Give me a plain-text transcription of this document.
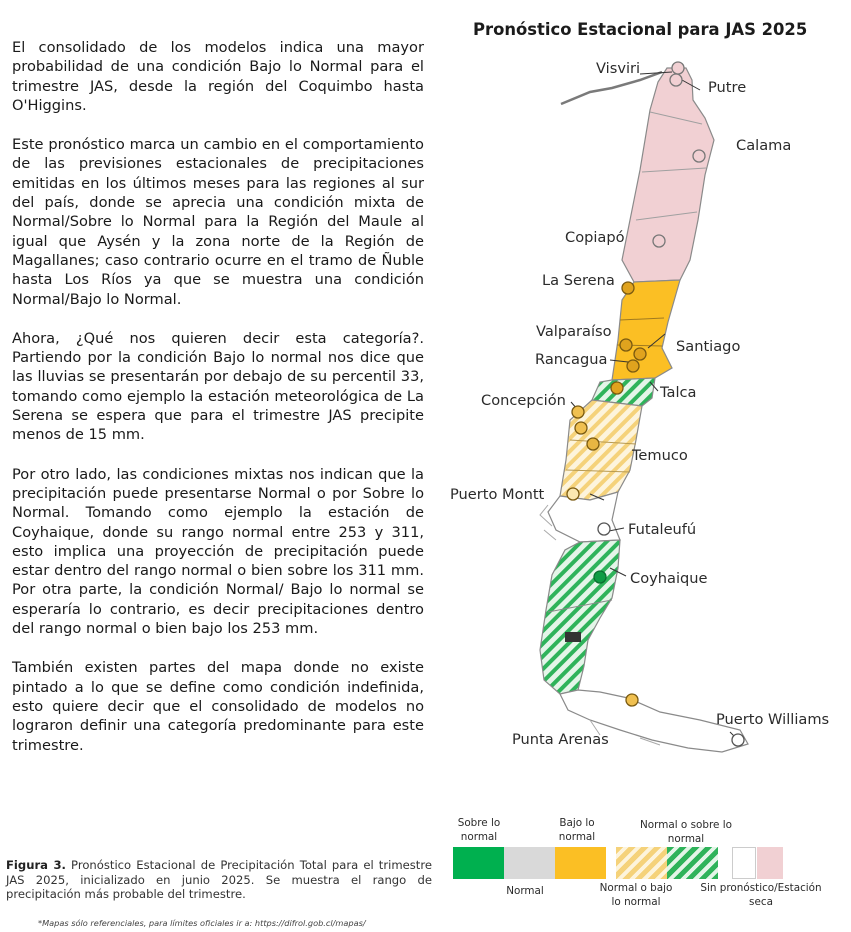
El consolidado de los modelos indica una mayor probabilidad de una condición Bajo lo Normal para el trimestre JAS, desde la región del Coquimbo hasta O'Higgins.

Este pronóstico marca un cambio en el comportamiento de las previsiones estacionales de precipitaciones emitidas en los últimos meses para las regiones al sur del país, donde se aprecia una condición mixta de Normal/Sobre lo Normal para la Región del Maule al igual que Aysén y la zona norte de la Región de Magallanes; caso contrario ocurre en el tramo de Ñuble hasta Los Ríos ya que se muestra una condición Normal/Bajo lo Normal.

Ahora, ¿Qué nos quieren decir esta categoría?. Partiendo por la condición Bajo lo normal nos dice que las lluvias se presentarán por debajo de su percentil 33, tomando como ejemplo la estación meteorológica de La Serena se espera que para el trimestre JAS precipite menos de 15 mm.

Por otro lado, las condiciones mixtas nos indican que la precipitación puede presentarse Normal o por Sobre lo Normal. Tomando como ejemplo la estación de Coyhaique, donde su rango normal entre 253 y 311, esto implica una proyección de precipitación puede estar dentro del rango normal o bien sobre los 311 mm. Por otra parte, la condición Normal/ Bajo lo normal se esperaría lo contrario, es decir precipitaciones dentro del rango normal o bien bajo los 253 mm.

También existen partes del mapa donde no existe pintado a lo que se define como condición indefinida, esto quiere decir que el consolidado de modelos no lograron definir una categoría predominante para este trimestre.

Figura 3. Pronóstico Estacional de Precipitación Total para el trimestre JAS 2025, inicializado en junio 2025. Se muestra el rango de precipitación más probable del trimestre.
*Mapas sólo referenciales, para límites oficiales ir a: https://difrol.gob.cl/mapas/
Pronóstico Estacional para JAS 2025
Visviri
Putre
Calama
Copiapó
La Serena
Valparaíso
Santiago
Rancagua
Talca
Concepción
Temuco
Puerto Montt
Futaleufú
Coyhaique
Puerto Williams
Punta Arenas
Sobre lo normal
Bajo lo normal
Normal o sobre lo normal
Normal	Normal o bajo lo normal
Sin pronóstico/Estación seca
